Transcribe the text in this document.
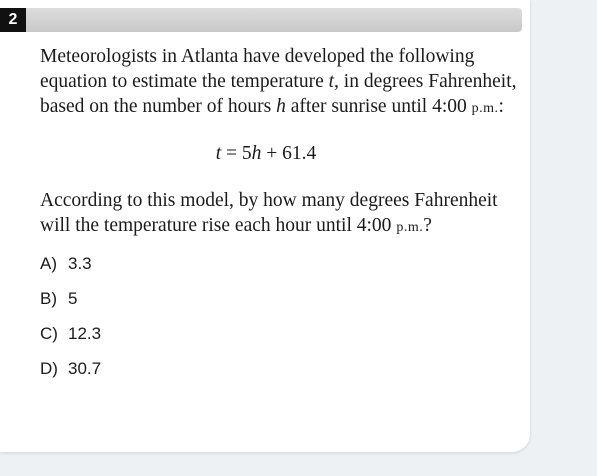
2

Meteorologists in Atlanta have developed the following equation to estimate the temperature t, in degrees Fahrenheit, based on the number of hours h after sunrise until 4:00 p.m.:

t = 5h + 61.4

According to this model, by how many degrees Fahrenheit will the temperature rise each hour until 4:00 p.m.?

A) 3.3
B) 5
C) 12.3
D) 30.7
